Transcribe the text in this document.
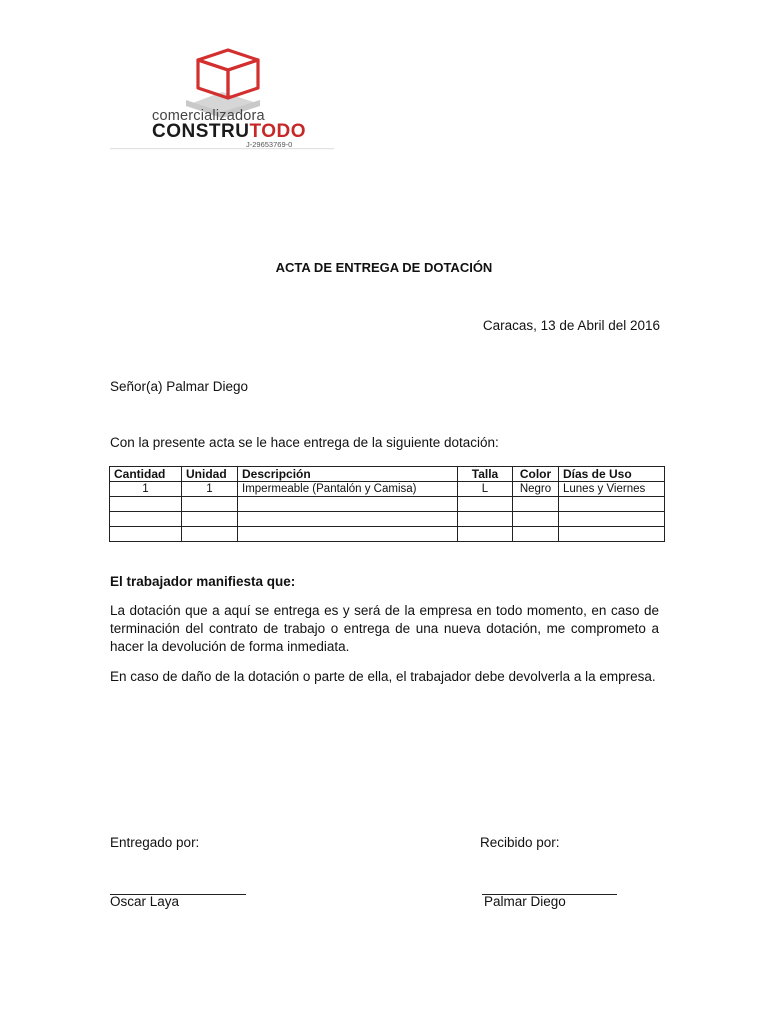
comercializadora
CONSTRUTODO
J-29653769-0
ACTA DE ENTREGA DE DOTACIÓN
Caracas, 13 de Abril del 2016
Señor(a) Palmar Diego
Con la presente acta se le hace entrega de la siguiente dotación:
Cantidad	Unidad	Descripción	Talla	Color	Días de Uso
1	1	Impermeable (Pantalón y Camisa)	L	Negro	Lunes y Viernes

El trabajador manifiesta que:
La dotación que a aquí se entrega es y será de la empresa en todo momento, en caso de terminación del contrato de trabajo o entrega de una nueva dotación, me comprometo a hacer la devolución de forma inmediata.
En caso de daño de la dotación o parte de ella, el trabajador debe devolverla a la empresa.
Entregado por:	Recibido por:
Oscar Laya	Palmar Diego
